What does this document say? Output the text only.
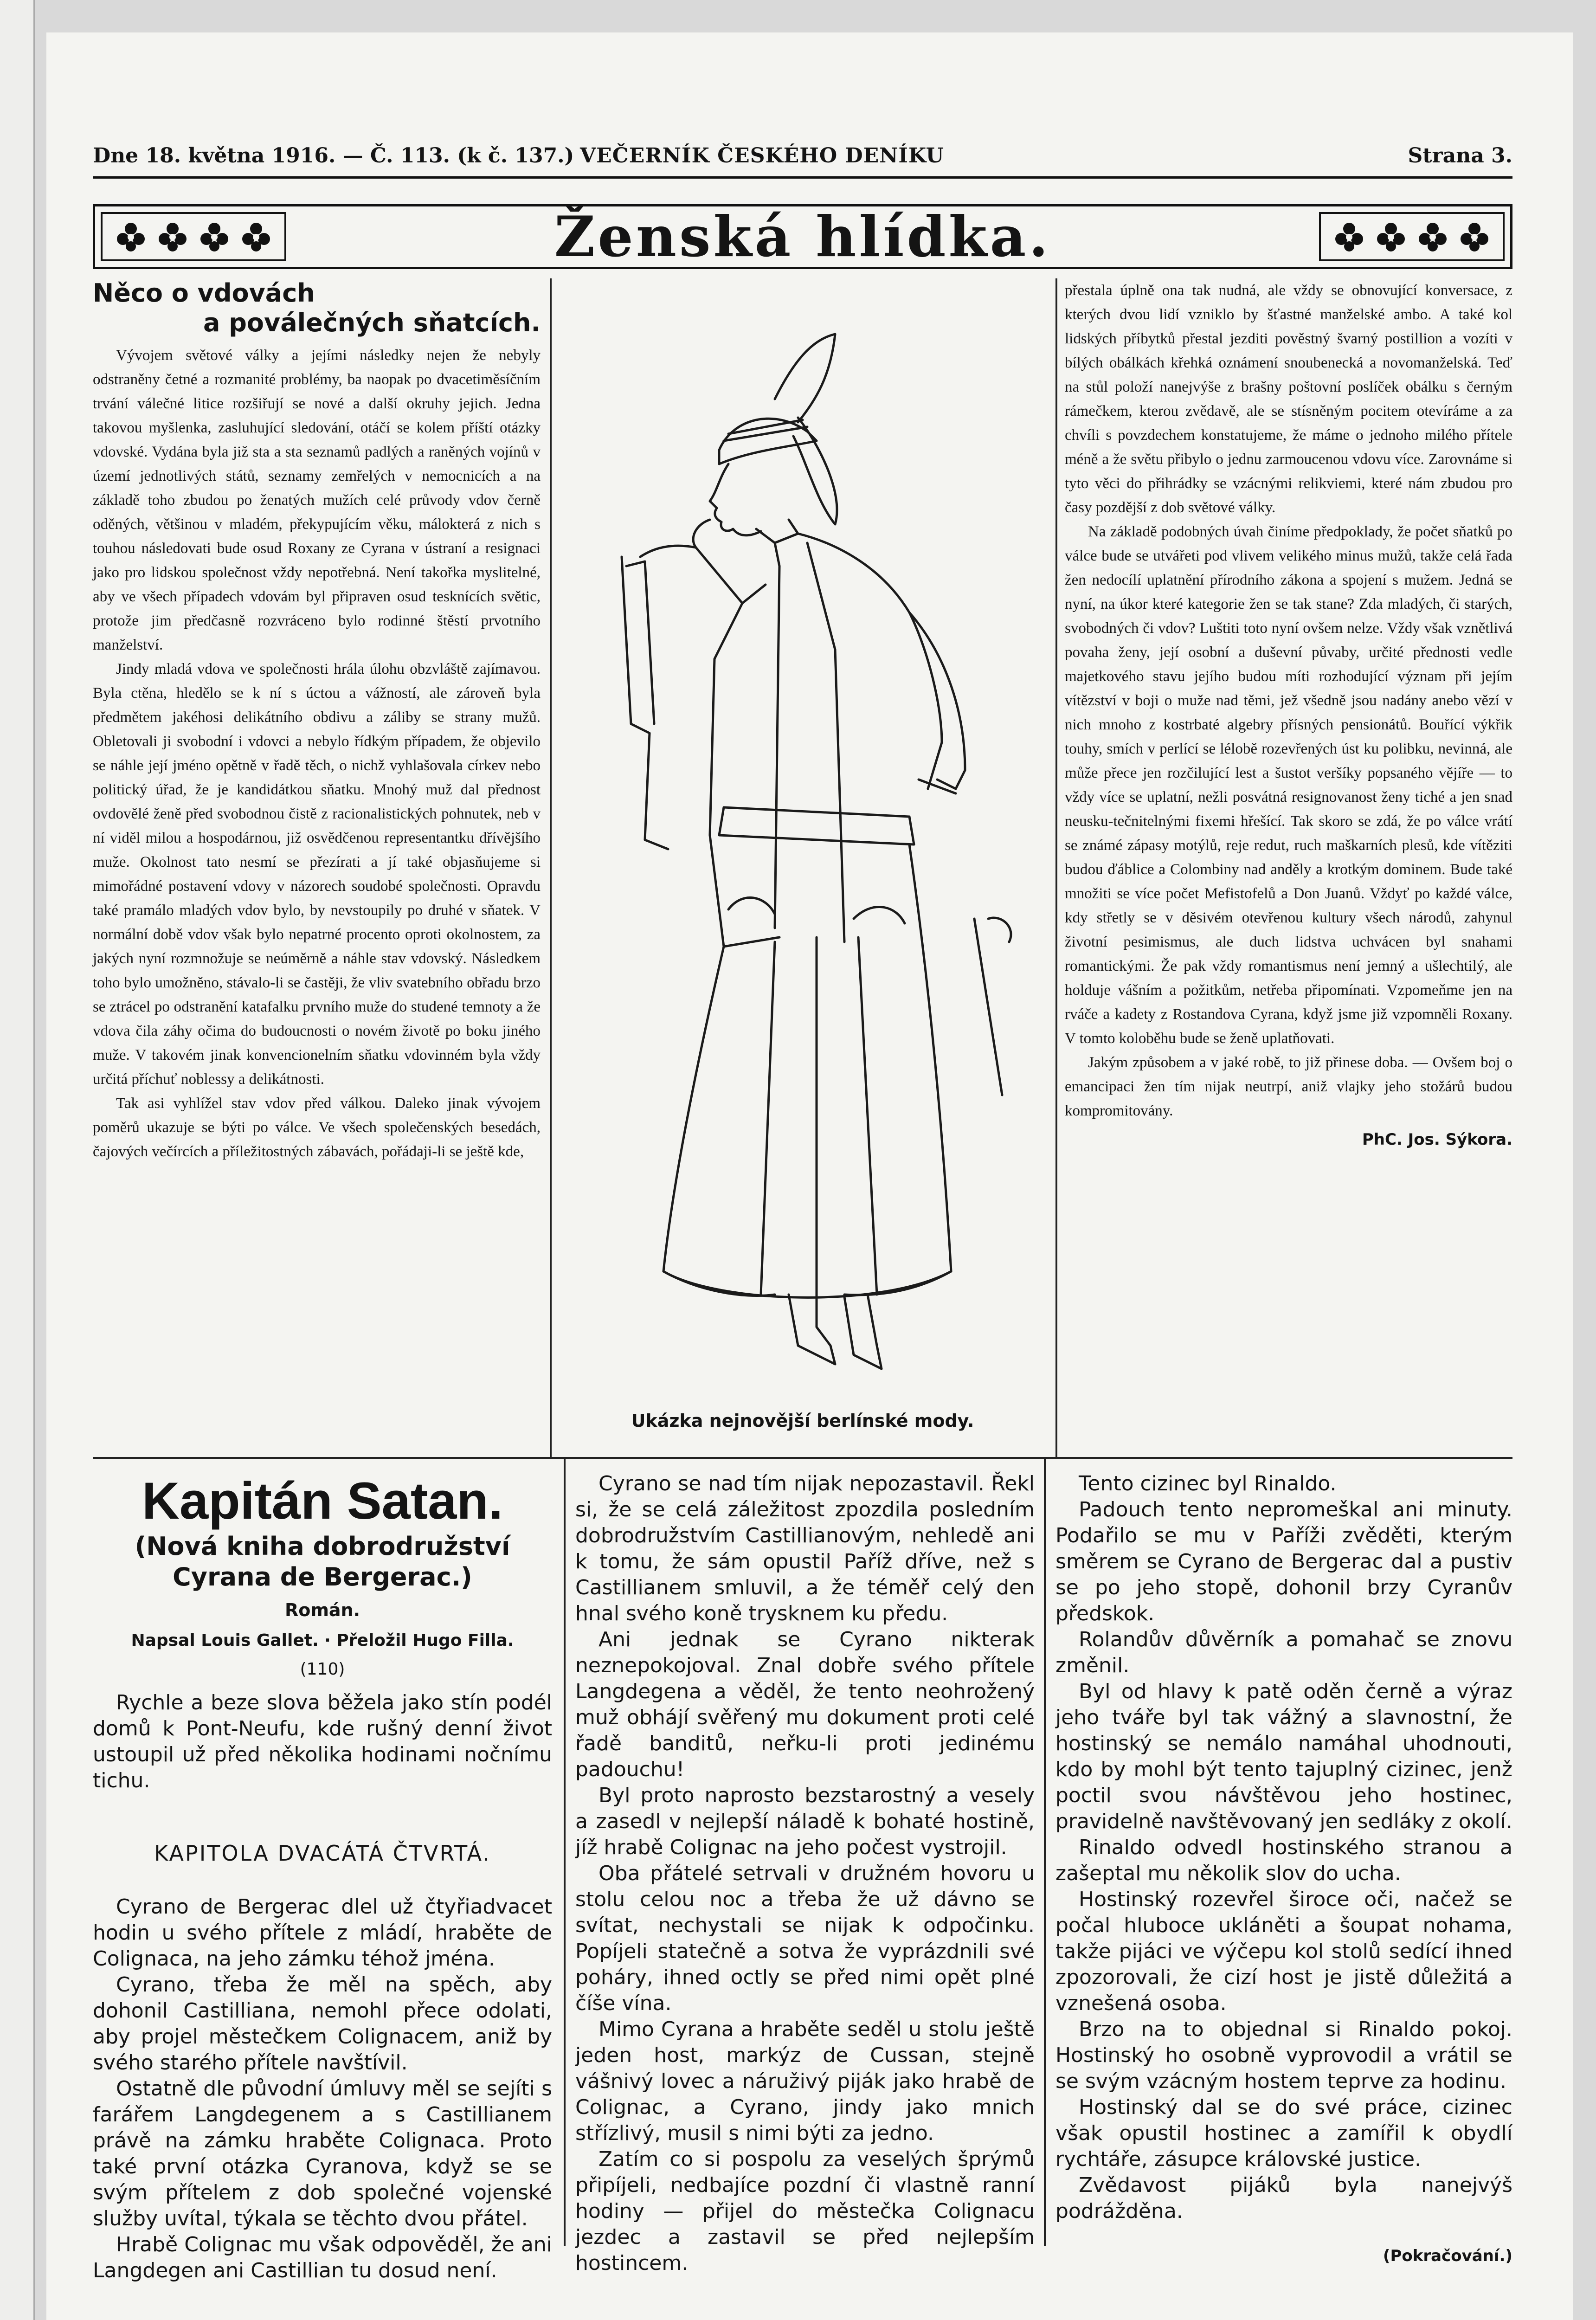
Dne 18. května 1916. — Č. 113. (k č. 137.) VEČERNÍK ČESKÉHO DENÍKU	Strana 3.
Ženská hlídka.
Něco o vdovách
a poválečných sňatcích.

Vývojem světové války a jejími následky nejen že nebyly odstraněny četné a rozmanité problémy, ba naopak po dvacetiměsíčním trvání válečné litice rozšiřují se nové a další okruhy jejich. Jedna takovou myšlenka, zasluhující sledování, otáčí se kolem příští otázky vdovské. Vydána byla již sta a sta seznamů padlých a raněných vojínů v území jednotlivých států, seznamy zemřelých v nemocnicích a na základě toho zbudou po ženatých mužích celé průvody vdov černě oděných, většinou v mladém, překypujícím věku, málokterá z nich s touhou následovati bude osud Roxany ze Cyrana v ústraní a resignaci jako pro lidskou společnost vždy nepotřebná. Není takořka myslitelné, aby ve všech případech vdovám byl připraven osud tesknících světic, protože jim předčasně rozvráceno bylo rodinné štěstí prvotního manželství.

Jindy mladá vdova ve společnosti hrála úlohu obzvláště zajímavou. Byla ctěna, hledělo se k ní s úctou a vážností, ale zároveň byla předmětem jakéhosi delikátního obdivu a záliby se strany mužů. Obletovali ji svobodní i vdovci a nebylo řídkým případem, že objevilo se náhle její jméno opětně v řadě těch, o nichž vyhlašovala církev nebo politický úřad, že je kandidátkou sňatku. Mnohý muž dal přednost ovdovělé ženě před svobodnou čistě z racionalistických pohnutek, neb v ní viděl milou a hospodárnou, již osvědčenou representantku dřívějšího muže. Okolnost tato nesmí se přezírati a jí také objasňujeme si mimořádné postavení vdovy v názorech soudobé společnosti. Opravdu také pramálo mladých vdov bylo, by nevstoupily po druhé v sňatek. V normální době vdov však bylo nepatrné procento oproti okolnostem, za jakých nyní rozmnožuje se neúměrně a náhle stav vdovský. Následkem toho bylo umožněno, stávalo-li se častěji, že vliv svatebního obřadu brzo se ztrácel po odstranění katafalku prvního muže do studené temnoty a že vdova čila záhy očima do budoucnosti o novém životě po boku jiného muže. V takovém jinak konvencionelním sňatku vdovinném byla vždy určitá příchuť noblessy a delikátnosti.

Tak asi vyhlížel stav vdov před válkou. Daleko jinak vývojem poměrů ukazuje se býti po válce. Ve všech společenských besedách, čajových večírcích a příležitostných zábavách, pořádaji-li se ještě kde,

Ukázka nejnovější berlínské mody.

přestala úplně ona tak nudná, ale vždy se obnovující konversace, z kterých dvou lidí vzniklo by šťastné manželské ambo. A také kol lidských příbytků přestal jezditi pověstný švarný postillion a vozíti v bílých obálkách křehká oznámení snoubenecká a novomanželská. Teď na stůl položí nanejvýše z brašny poštovní poslíček obálku s černým rámečkem, kterou zvědavě, ale se stísněným pocitem otevíráme a za chvíli s povzdechem konstatujeme, že máme o jednoho milého přítele méně a že světu přibylo o jednu zarmoucenou vdovu více. Zarovnáme si tyto věci do přihrádky se vzácnými relikviemi, které nám zbudou pro časy pozdější z dob světové války.

Na základě podobných úvah činíme předpoklady, že počet sňatků po válce bude se utvářeti pod vlivem velikého minus mužů, takže celá řada žen nedocílí uplatnění přírodního zákona a spojení s mužem. Jedná se nyní, na úkor které kategorie žen se tak stane? Zda mladých, či starých, svobodných či vdov? Luštiti toto nyní ovšem nelze. Vždy však vznětlivá povaha ženy, její osobní a duševní půvaby, určité přednosti vedle majetkového stavu jejího budou míti rozhodující význam při jejím vítězství v boji o muže nad těmi, jež všedně jsou nadány anebo vězí v nich mnoho z kostrbaté algebry přísných pensionátů. Bouřící výkřik touhy, smích v perlící se lélobě rozevřených úst ku polibku, nevinná, ale může přece jen rozčilující lest a šustot veršíky popsaného vějíře — to vždy více se uplatní, nežli posvátná resignovanost ženy tiché a jen snad neusku-tečnitelnými fixemi hřešící. Tak skoro se zdá, že po válce vrátí se známé zápasy motýlů, reje redut, ruch maškarních plesů, kde vítěziti budou ďáblice a Colombiny nad anděly a krotkým dominem. Bude také množiti se více počet Mefistofelů a Don Juanů. Vždyť po každé válce, kdy střetly se v děsivém otevřenou kultury všech národů, zahynul životní pesimismus, ale duch lidstva uchvácen byl snahami romantickými. Že pak vždy romantismus není jemný a ušlechtilý, ale holduje vášním a požitkům, netřeba připomínati. Vzpomeňme jen na rváče a kadety z Rostandova Cyrana, když jsme již vzpomněli Roxany. V tomto koloběhu bude se ženě uplatňovati.

Jakým způsobem a v jaké robě, to již přinese doba. — Ovšem boj o emancipaci žen tím nijak neutrpí, aniž vlajky jeho stožárů budou kompromitovány.

PhC. Jos. Sýkora.
Kapitán Satan.
(Nová kniha dobrodružství Cyrana de Bergerac.)
Román.
Napsal Louis Gallet. · Přeložil Hugo Filla.
(110)

Rychle a beze slova běžela jako stín podél domů k Pont-Neufu, kde rušný denní život ustoupil už před několika hodinami nočnímu tichu.

KAPITOLA DVACÁTÁ ČTVRTÁ.

Cyrano de Bergerac dlel už čtyřiadvacet hodin u svého přítele z mládí, hraběte de Colignaca, na jeho zámku téhož jména.

Cyrano, třeba že měl na spěch, aby dohonil Castilliana, nemohl přece odolati, aby projel městečkem Colignacem, aniž by svého starého přítele navštívil.

Ostatně dle původní úmluvy měl se sejíti s farářem Langdegenem a s Castillianem právě na zámku hraběte Colignaca. Proto také první otázka Cyranova, když se se svým přítelem z dob společné vojenské služby uvítal, týkala se těchto dvou přátel.

Hrabě Colignac mu však odpověděl, že ani Langdegen ani Castillian tu dosud není.

Cyrano se nad tím nijak nepozastavil. Řekl si, že se celá záležitost zpozdila posledním dobrodružstvím Castillianovým, nehledě ani k tomu, že sám opustil Paříž dříve, než s Castillianem smluvil, a že téměř celý den hnal svého koně trysknem ku předu.

Ani jednak se Cyrano nikterak neznepokojoval. Znal dobře svého přítele Langdegena a věděl, že tento neohrožený muž obhájí svěřený mu dokument proti celé řadě banditů, neřku-li proti jedinému padouchu!

Byl proto naprosto bezstarostný a vesely a zasedl v nejlepší náladě k bohaté hostině, jíž hrabě Colignac na jeho počest vystrojil.

Oba přátelé setrvali v družném hovoru u stolu celou noc a třeba že už dávno se svítat, nechystali se nijak k odpočinku. Popíjeli statečně a sotva že vyprázdnili své poháry, ihned octly se před nimi opět plné číše vína.

Mimo Cyrana a hraběte seděl u stolu ještě jeden host, markýz de Cussan, stejně vášnivý lovec a náruživý piják jako hrabě de Colignac, a Cyrano, jindy jako mnich střízlivý, musil s nimi býti za jedno.

Zatím co si pospolu za veselých šprýmů připíjeli, nedbajíce pozdní či vlastně ranní hodiny — přijel do městečka Colignacu jezdec a zastavil se před nejlepším hostincem.

Tento cizinec byl Rinaldo.

Padouch tento nepromeškal ani minuty. Podařilo se mu v Paříži zvěděti, kterým směrem se Cyrano de Bergerac dal a pustiv se po jeho stopě, dohonil brzy Cyranův předskok.

Rolandův důvěrník a pomahač se znovu změnil.

Byl od hlavy k patě oděn černě a výraz jeho tváře byl tak vážný a slavnostní, že hostinský se nemálo namáhal uhodnouti, kdo by mohl být tento tajuplný cizinec, jenž poctil svou návštěvou jeho hostinec, pravidelně navštěvovaný jen sedláky z okolí.

Rinaldo odvedl hostinského stranou a zašeptal mu několik slov do ucha.

Hostinský rozevřel široce oči, načež se počal hluboce ukláněti a šoupat nohama, takže pijáci ve výčepu kol stolů sedící ihned zpozorovali, že cizí host je jistě důležitá a vznešená osoba.

Brzo na to objednal si Rinaldo pokoj. Hostinský ho osobně vyprovodil a vrátil se se svým vzácným hostem teprve za hodinu.

Hostinský dal se do své práce, cizinec však opustil hostinec a zamířil k obydlí rychtáře, zásupce královské justice.

Zvědavost pijáků byla nanejvýš podrážděna.

(Pokračování.)
